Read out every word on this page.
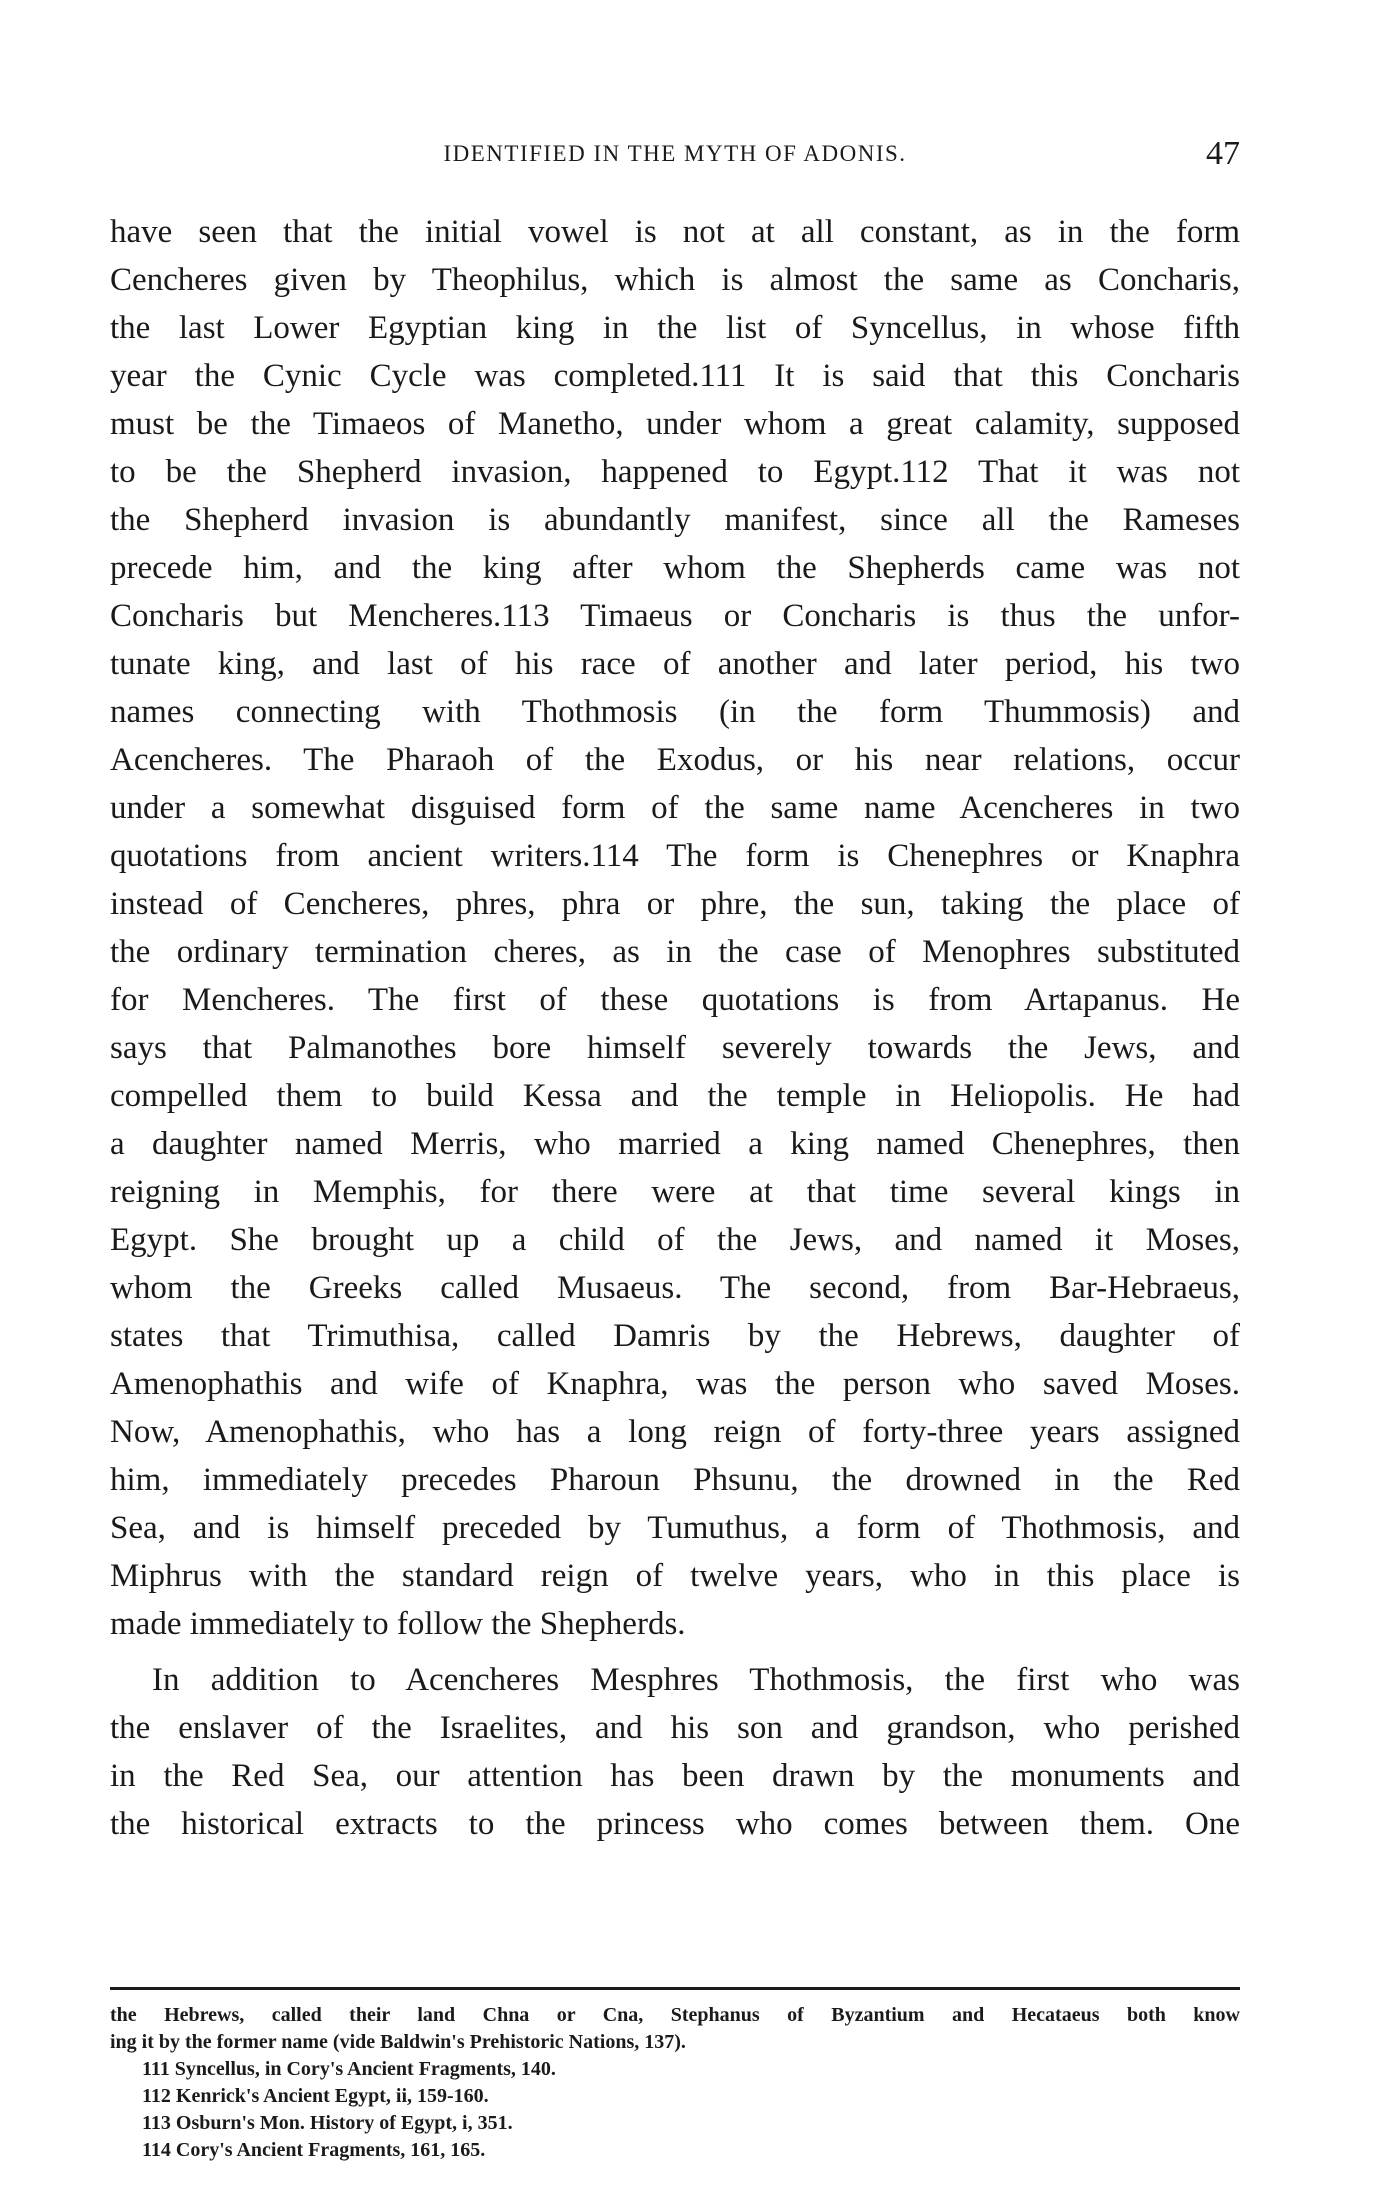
IDENTIFIED IN THE MYTH OF ADONIS.	47
have seen that the initial vowel is not at all constant, as in the form
Cencheres given by Theophilus, which is almost the same as Concharis,
the last Lower Egyptian king in the list of Syncellus, in whose fifth
year the Cynic Cycle was completed.111 It is said that this Concharis
must be the Timaeos of Manetho, under whom a great calamity, supposed
to be the Shepherd invasion, happened to Egypt.112 That it was not
the Shepherd invasion is abundantly manifest, since all the Rameses
precede him, and the king after whom the Shepherds came was not
Concharis but Mencheres.113 Timaeus or Concharis is thus the unfor-
tunate king, and last of his race of another and later period, his two
names connecting with Thothmosis (in the form Thummosis) and
Acencheres. The Pharaoh of the Exodus, or his near relations, occur
under a somewhat disguised form of the same name Acencheres in two
quotations from ancient writers.114 The form is Chenephres or Knaphra
instead of Cencheres, phres, phra or phre, the sun, taking the place of
the ordinary termination cheres, as in the case of Menophres substituted
for Mencheres. The first of these quotations is from Artapanus. He
says that Palmanothes bore himself severely towards the Jews, and
compelled them to build Kessa and the temple in Heliopolis. He had
a daughter named Merris, who married a king named Chenephres, then
reigning in Memphis, for there were at that time several kings in
Egypt. She brought up a child of the Jews, and named it Moses,
whom the Greeks called Musaeus. The second, from Bar-Hebraeus,
states that Trimuthisa, called Damris by the Hebrews, daughter of
Amenophathis and wife of Knaphra, was the person who saved Moses.
Now, Amenophathis, who has a long reign of forty-three years assigned
him, immediately precedes Pharoun Phsunu, the drowned in the Red
Sea, and is himself preceded by Tumuthus, a form of Thothmosis, and
Miphrus with the standard reign of twelve years, who in this place is
made immediately to follow the Shepherds.
In addition to Acencheres Mesphres Thothmosis, the first who was
the enslaver of the Israelites, and his son and grandson, who perished
in the Red Sea, our attention has been drawn by the monuments and
the historical extracts to the princess who comes between them. One
the Hebrews, called their land Chna or Cna, Stephanus of Byzantium and Hecataeus both know
ing it by the former name (vide Baldwin's Prehistoric Nations, 137).
111 Syncellus, in Cory's Ancient Fragments, 140.
112 Kenrick's Ancient Egypt, ii, 159-160.
113 Osburn's Mon. History of Egypt, i, 351.
114 Cory's Ancient Fragments, 161, 165.
